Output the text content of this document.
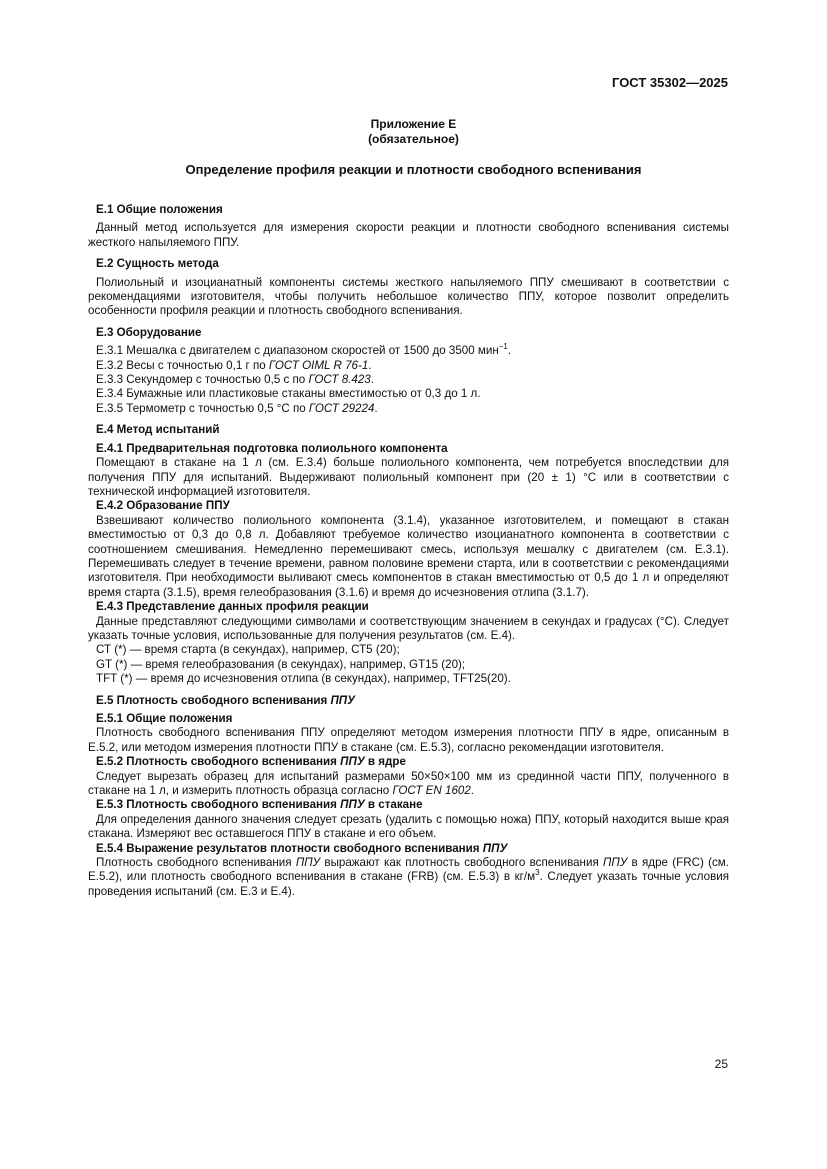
ГОСТ 35302—2025
Приложение Е
(обязательное)
Определение профиля реакции и плотности свободного вспенивания
Е.1 Общие положения

Данный метод используется для измерения скорости реакции и плотности свободного вспенивания системы жесткого напыляемого ППУ.

Е.2 Сущность метода

Полиольный и изоцианатный компоненты системы жесткого напыляемого ППУ смешивают в соответствии с рекомендациями изготовителя, чтобы получить небольшое количество ППУ, которое позволит определить особенности профиля реакции и плотность свободного вспенивания.

Е.3 Оборудование

Е.3.1 Мешалка с двигателем с диапазоном скоростей от 1500 до 3500 мин$^{-1}$.

Е.3.2 Весы с точностью 0,1 г по ГОСТ OIML R 76-1.

Е.3.3 Секундомер с точностью 0,5 с по ГОСТ 8.423.

Е.3.4 Бумажные или пластиковые стаканы вместимостью от 0,3 до 1 л.

Е.3.5 Термометр с точностью 0,5 °С по ГОСТ 29224.

Е.4 Метод испытаний
Е.4.1 Предварительная подготовка полиольного компонента

Помещают в стакане на 1 л (см. Е.3.4) больше полиольного компонента, чем потребуется впоследствии для получения ППУ для испытаний. Выдерживают полиольный компонент при (20 ± 1) °С или в соответствии с технической информацией изготовителя.

Е.4.2 Образование ППУ

Взвешивают количество полиольного компонента (3.1.4), указанное изготовителем, и помещают в стакан вместимостью от 0,3 до 0,8 л. Добавляют требуемое количество изоцианатного компонента в соответствии с соотношением смешивания. Немедленно перемешивают смесь, используя мешалку с двигателем (см. Е.3.1). Перемешивать следует в течение времени, равном половине времени старта, или в соответствии с рекомендациями изготовителя. При необходимости выливают смесь компонентов в стакан вместимостью от 0,5 до 1 л и определяют время старта (3.1.5), время гелеобразования (3.1.6) и время до исчезновения отлипа (3.1.7).

Е.4.3 Представление данных профиля реакции

Данные представляют следующими символами и соответствующим значением в секундах и градусах (°С). Следует указать точные условия, использованные для получения результатов (см. Е.4).

СТ (*) — время старта (в секундах), например, СТ5 (20);

GT (*) — время гелеобразования (в секундах), например, GT15 (20);

TFT (*) — время до исчезновения отлипа (в секундах), например, TFT25(20).

Е.5 Плотность свободного вспенивания ППУ
Е.5.1 Общие положения

Плотность свободного вспенивания ППУ определяют методом измерения плотности ППУ в ядре, описанным в Е.5.2, или методом измерения плотности ППУ в стакане (см. Е.5.3), согласно рекомендации изготовителя.

Е.5.2 Плотность свободного вспенивания ППУ в ядре

Следует вырезать образец для испытаний размерами 50×50×100 мм из срединной части ППУ, полученного в стакане на 1 л, и измерить плотность образца согласно ГОСТ EN 1602.

Е.5.3 Плотность свободного вспенивания ППУ в стакане

Для определения данного значения следует срезать (удалить с помощью ножа) ППУ, который находится выше края стакана. Измеряют вес оставшегося ППУ в стакане и его объем.

Е.5.4 Выражение результатов плотности свободного вспенивания ППУ

Плотность свободного вспенивания ППУ выражают как плотность свободного вспенивания ППУ в ядре (FRC) (см. Е.5.2), или плотность свободного вспенивания в стакане (FRB) (см. Е.5.3) в $кг/м^3$. Следует указать точные условия проведения испытаний (см. Е.3 и Е.4).

25
